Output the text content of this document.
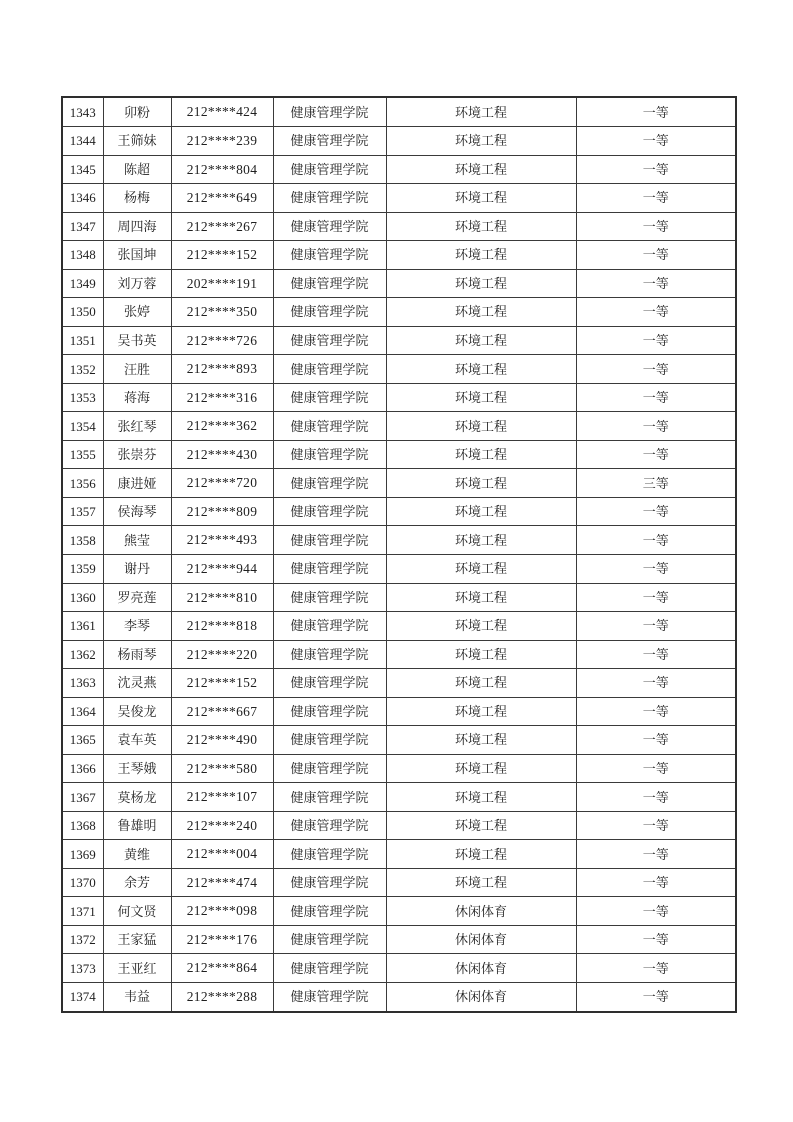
1343	卯粉	212****424	健康管理学院	环境工程	一等
1344	王筛妹	212****239	健康管理学院	环境工程	一等
1345	陈超	212****804	健康管理学院	环境工程	一等
1346	杨梅	212****649	健康管理学院	环境工程	一等
1347	周四海	212****267	健康管理学院	环境工程	一等
1348	张国坤	212****152	健康管理学院	环境工程	一等
1349	刘万蓉	202****191	健康管理学院	环境工程	一等
1350	张婷	212****350	健康管理学院	环境工程	一等
1351	吴书英	212****726	健康管理学院	环境工程	一等
1352	汪胜	212****893	健康管理学院	环境工程	一等
1353	蒋海	212****316	健康管理学院	环境工程	一等
1354	张红琴	212****362	健康管理学院	环境工程	一等
1355	张崇芬	212****430	健康管理学院	环境工程	一等
1356	康进娅	212****720	健康管理学院	环境工程	三等
1357	侯海琴	212****809	健康管理学院	环境工程	一等
1358	熊莹	212****493	健康管理学院	环境工程	一等
1359	谢丹	212****944	健康管理学院	环境工程	一等
1360	罗亮莲	212****810	健康管理学院	环境工程	一等
1361	李琴	212****818	健康管理学院	环境工程	一等
1362	杨雨琴	212****220	健康管理学院	环境工程	一等
1363	沈灵燕	212****152	健康管理学院	环境工程	一等
1364	吴俊龙	212****667	健康管理学院	环境工程	一等
1365	袁车英	212****490	健康管理学院	环境工程	一等
1366	王琴娥	212****580	健康管理学院	环境工程	一等
1367	莫杨龙	212****107	健康管理学院	环境工程	一等
1368	鲁雄明	212****240	健康管理学院	环境工程	一等
1369	黄维	212****004	健康管理学院	环境工程	一等
1370	余芳	212****474	健康管理学院	环境工程	一等
1371	何文贤	212****098	健康管理学院	休闲体育	一等
1372	王家猛	212****176	健康管理学院	休闲体育	一等
1373	王亚红	212****864	健康管理学院	休闲体育	一等
1374	韦益	212****288	健康管理学院	休闲体育	一等
